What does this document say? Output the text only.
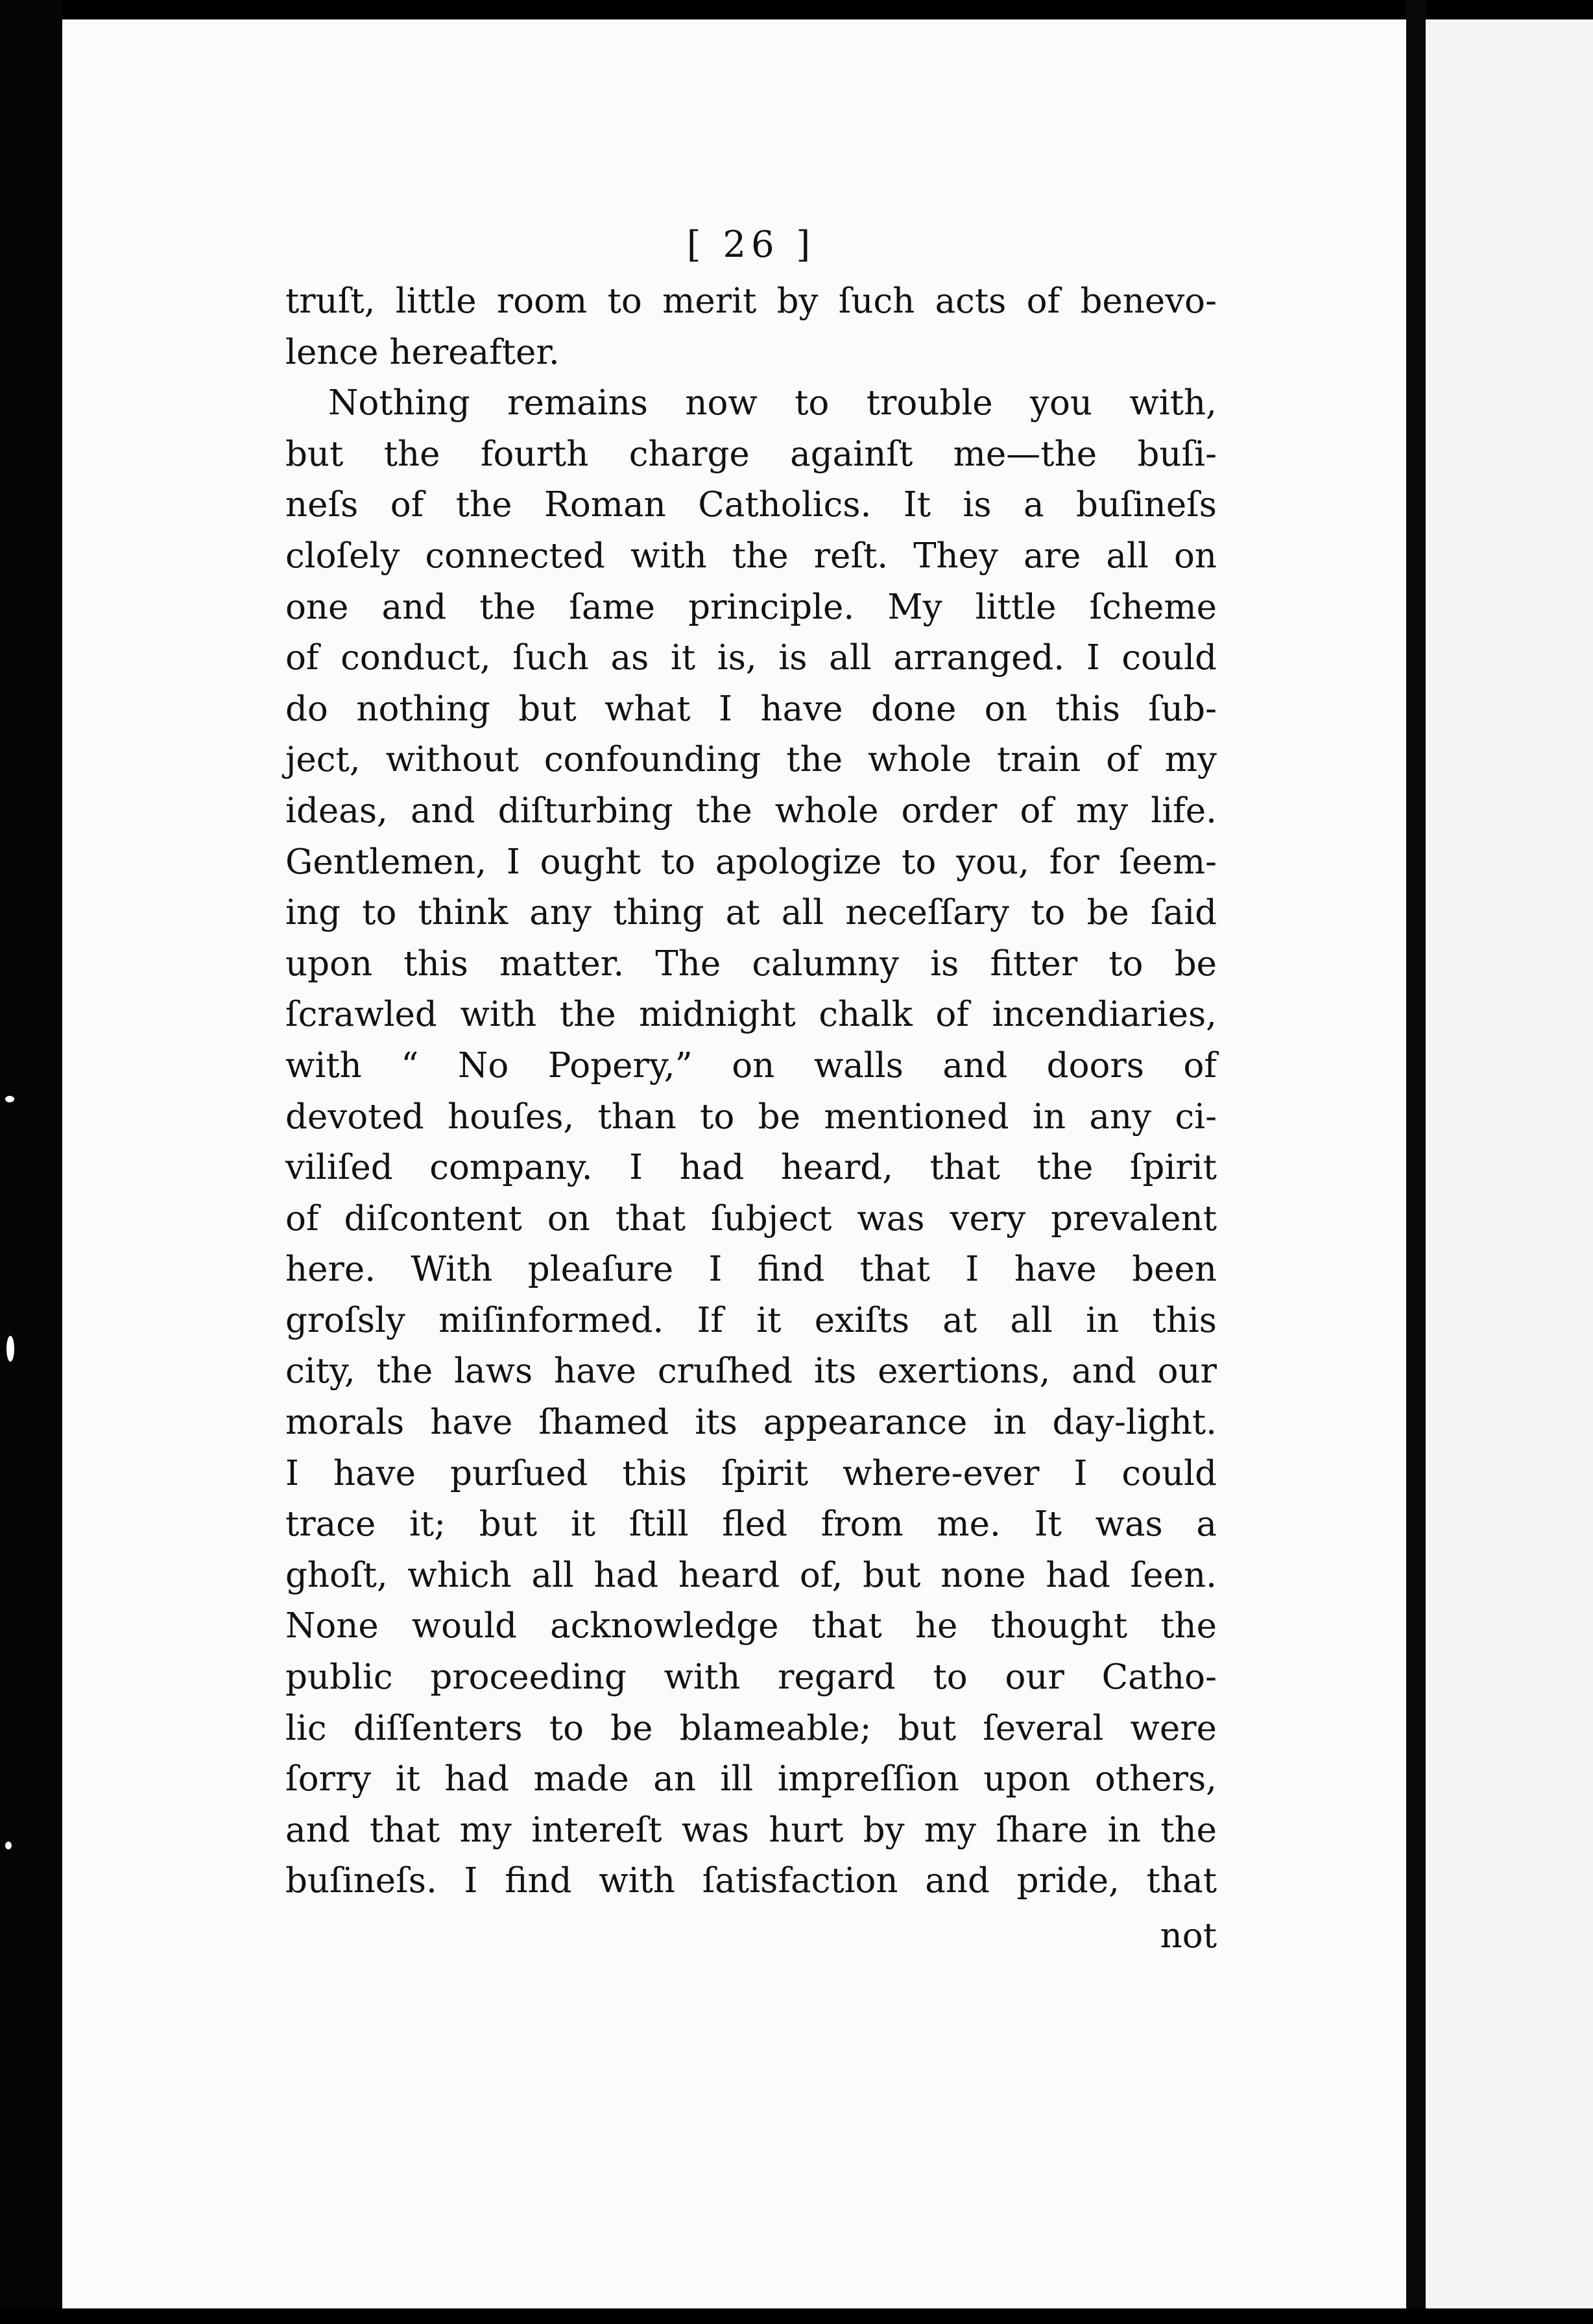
[ 26 ]
truſt, little room to merit by ſuch acts of benevo-
lence hereafter.
Nothing remains now to trouble you with,
but the fourth charge againſt me—the buſi-
neſs of the Roman Catholics. It is a buſineſs
cloſely connected with the reſt. They are all on
one and the ſame principle. My little ſcheme
of conduct, ſuch as it is, is all arranged. I could
do nothing but what I have done on this ſub-
ject, without confounding the whole train of my
ideas, and diſturbing the whole order of my life.
Gentlemen, I ought to apologize to you, for ſeem-
ing to think any thing at all neceſſary to be ſaid
upon this matter. The calumny is fitter to be
ſcrawled with the midnight chalk of incendiaries,
with “ No Popery,” on walls and doors of
devoted houſes, than to be mentioned in any ci-
viliſed company. I had heard, that the ſpirit
of diſcontent on that ſubject was very prevalent
here. With pleaſure I find that I have been
groſsly miſinformed. If it exiſts at all in this
city, the laws have cruſhed its exertions, and our
morals have ſhamed its appearance in day-light.
I have purſued this ſpirit where-ever I could
trace it; but it ſtill fled from me. It was a
ghoſt, which all had heard of, but none had ſeen.
None would acknowledge that he thought the
public proceeding with regard to our Catho-
lic diſſenters to be blameable; but ſeveral were
ſorry it had made an ill impreſſion upon others,
and that my intereſt was hurt by my ſhare in the
buſineſs. I find with ſatisfaction and pride, that
not
